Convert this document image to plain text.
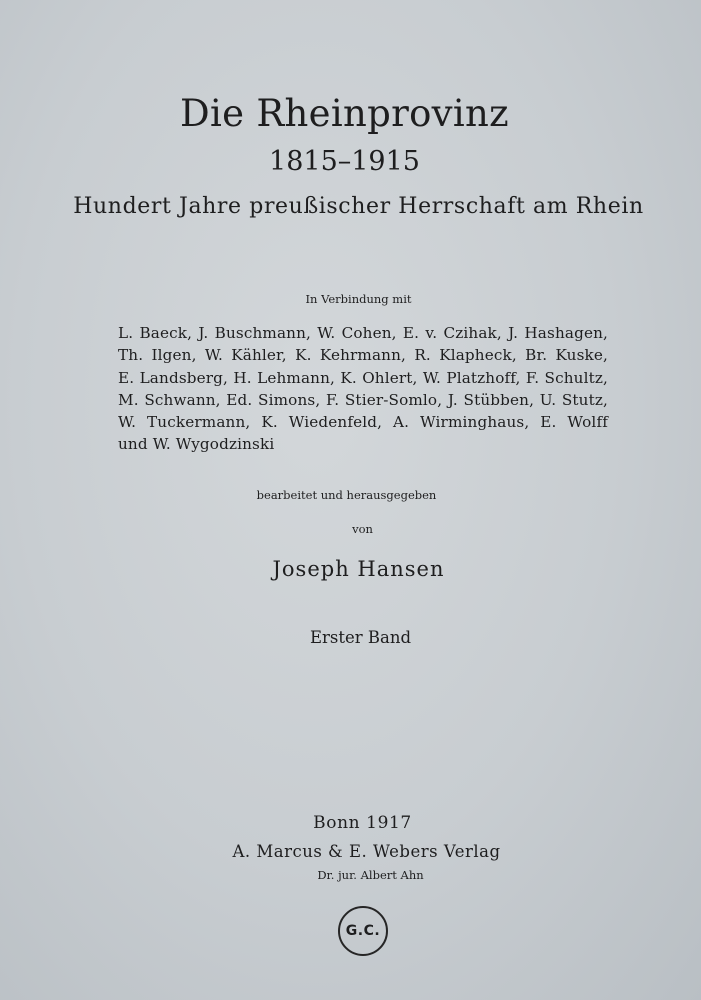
Die Rheinprovinz
1815–1915
Hundert Jahre preußischer Herrschaft am Rhein
In Verbindung mit
L. Baeck, J. Buschmann, W. Cohen, E. v. Czihak, J. Hashagen,
Th. Ilgen, W. Kähler, K. Kehrmann, R. Klapheck, Br. Kuske,
E. Landsberg, H. Lehmann, K. Ohlert, W. Platzhoff, F. Schultz,
M. Schwann, Ed. Simons, F. Stier-Somlo, J. Stübben, U. Stutz,
W. Tuckermann, K. Wiedenfeld, A. Wirminghaus, E. Wolff
und W. Wygodzinski
bearbeitet und herausgegeben
von
Joseph Hansen
Erster Band
Bonn 1917
A. Marcus & E. Webers Verlag
Dr. jur. Albert Ahn
G.C.
